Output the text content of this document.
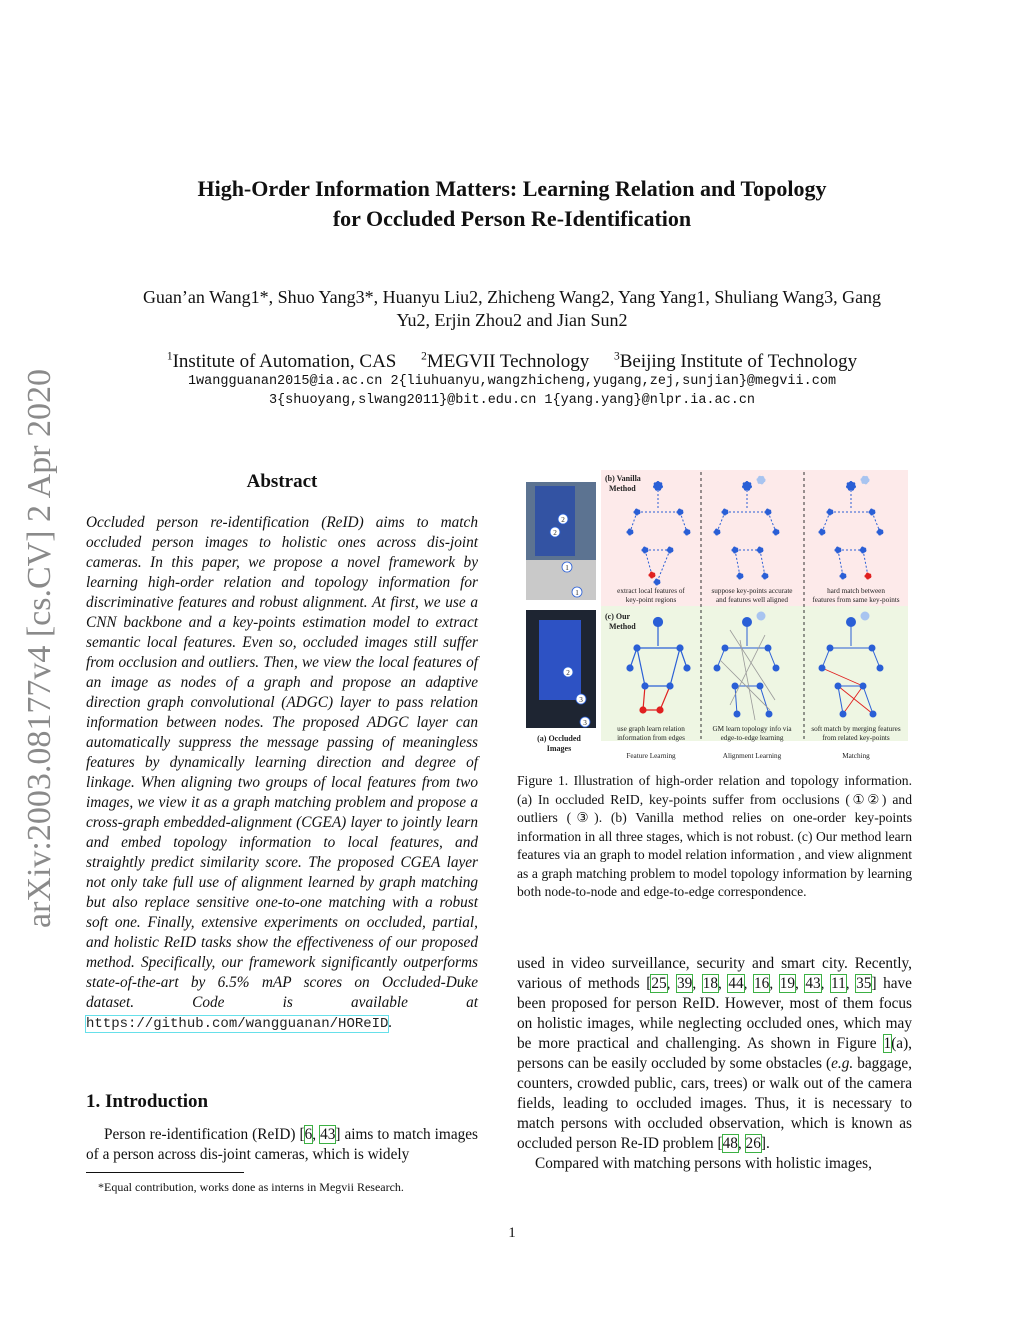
arXiv:2003.08177v4 [cs.CV] 2 Apr 2020
High-Order Information Matters: Learning Relation and Topology
for Occluded Person Re-Identification
Guan’an Wang1*, Shuo Yang3*, Huanyu Liu2, Zhicheng Wang2, Yang Yang1, Shuliang Wang3, Gang
Yu2, Erjin Zhou2 and Jian Sun2
$^1$Institute of Automation, CAS $^2$MEGVII Technology $^3$Beijing Institute of Technology
1wangguanan2015@ia.ac.cn 2{liuhuanyu,wangzhicheng,yugang,zej,sunjian}@megvii.com
3{shuoyang,slwang2011}@bit.edu.cn 1{yang.yang}@nlpr.ia.ac.cn
Abstract
Occluded person re-identification (ReID) aims to match occluded person images to holistic ones across dis-joint cameras. In this paper, we propose a novel framework by learning high-order relation and topology information for discriminative features and robust alignment. At first, we use a CNN backbone and a key-points estimation model to extract semantic local features. Even so, occluded images still suffer from occlusion and outliers. Then, we view the local features of an image as nodes of a graph and propose an adaptive direction graph convolutional (ADGC) layer to pass relation information between nodes. The proposed ADGC layer can automatically suppress the message passing of meaningless features by dynamically learning direction and degree of linkage. When aligning two groups of local features from two images, we view it as a graph matching problem and propose a cross-graph embedded-alignment (CGEA) layer to jointly learn and embed topology information to local features, and straightly predict similarity score. The proposed CGEA layer not only take full use of alignment learned by graph matching but also replace sensitive one-to-one matching with a robust soft one. Finally, extensive experiments on occluded, partial, and holistic ReID tasks show the effectiveness of our proposed method. Specifically, our framework significantly outperforms state-of-the-art by 6.5% mAP scores on Occluded-Duke dataset. Code is available at https://github.com/wangguanan/HOReID.
1. Introduction
Person re-identification (ReID) [6, 43] aims to match images of a person across dis-joint cameras, which is widely
*Equal contribution, works done as interns in Megvii Research.
2
2
1
1
2
3
3
(a) Occluded
Images
(b) Vanilla
Method
(c) Our
Method
extract local features of
key-point regions
suppose key-points accurate
and features well aligned
hard match between
features from same key-points
use graph learn relation
information from edges
GM learn topology info via
edge-to-edge learning
soft match by merging features
from related key-points
Feature Learning	Alignment Learning	Matching
Figure 1. Illustration of high-order relation and topology information. (a) In occluded ReID, key-points suffer from occlusions (①②) and outliers (③). (b) Vanilla method relies on one-order key-points information in all three stages, which is not robust. (c) Our method learn features via an graph to model relation information , and view alignment as a graph matching problem to model topology information by learning both node-to-node and edge-to-edge correspondence.
used in video surveillance, security and smart city. Recently, various of methods [25, 39, 18, 44, 16, 19, 43, 11, 35] have been proposed for person ReID. However, most of them focus on holistic images, while neglecting occluded ones, which may be more practical and challenging. As shown in Figure 1(a), persons can be easily occluded by some obstacles (e.g. baggage, counters, crowded public, cars, trees) or walk out of the camera fields, leading to occluded images. Thus, it is necessary to match persons with occluded observation, which is known as occluded person Re-ID problem [48, 26].
Compared with matching persons with holistic images,
1
